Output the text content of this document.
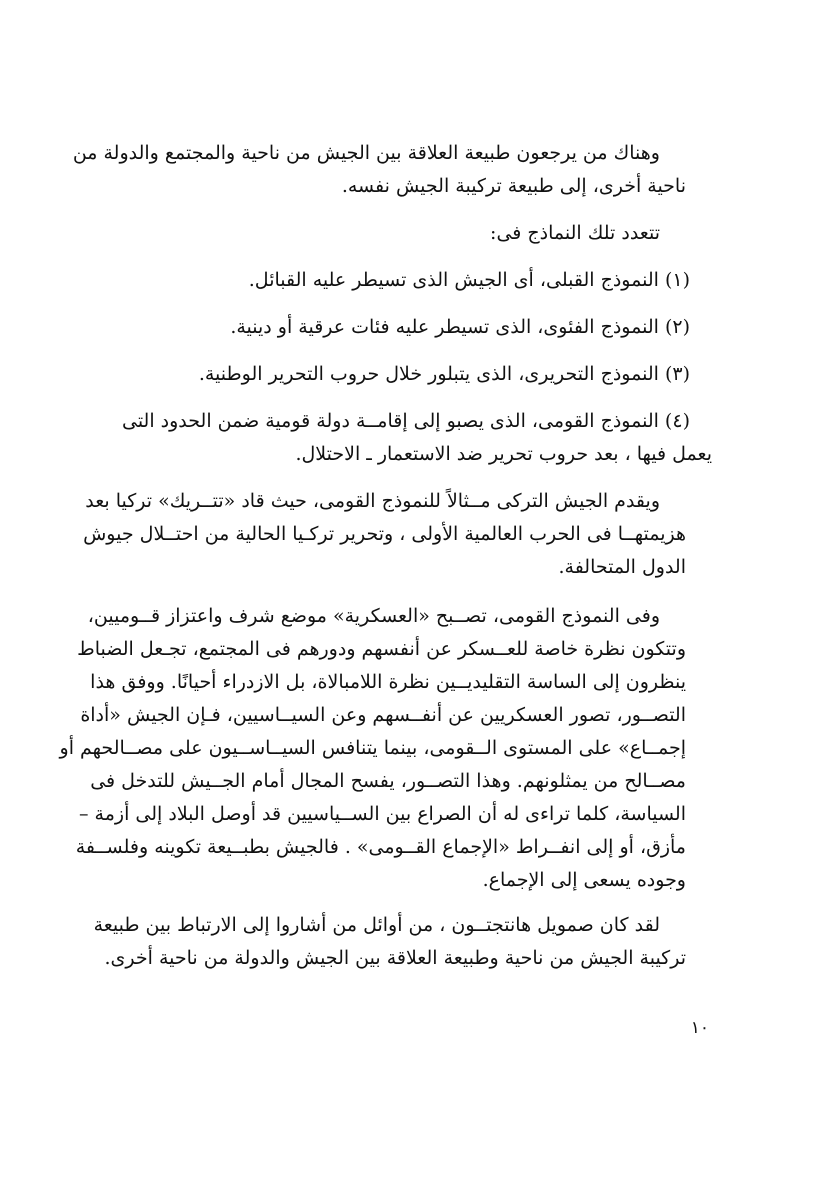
وهناك من يرجعون طبيعة العلاقة بين الجيش من ناحية والمجتمع والدولة من
ناحية أخرى، إلى طبيعة تركيبة الجيش نفسه.
تتعدد تلك النماذج فى:
(١) النموذج القبلى، أى الجيش الذى تسيطر عليه القبائل.
(٢) النموذج الفئوى، الذى تسيطر عليه فئات عرقية أو دينية.
(٣) النموذج التحريرى، الذى يتبلور خلال حروب التحرير الوطنية.
(٤) النموذج القومى، الذى يصبو إلى إقامــة دولة قومية ضمن الحدود التى
يعمل فيها ، بعد حروب تحرير ضد الاستعمار ـ الاحتلال.
ويقدم الجيش التركى مــثالاً للنموذج القومى، حيث قاد «تتــريك» تركيا بعد
هزيمتهــا فى الحرب العالمية الأولى ، وتحرير تركـيا الحالية من احتــلال جيوش
الدول المتحالفة.
وفى النموذج القومى، تصــبح «العسكرية» موضع شرف واعتزاز قــوميين،
وتتكون نظرة خاصة للعــسكر عن أنفسهم ودورهم فى المجتمع، تجـعل الضباط
ينظرون إلى الساسة التقليديــين نظرة اللامبالاة، بل الازدراء أحيانًا. ووفق هذا
التصــور، تصور العسكريين عن أنفــسهم وعن السيــاسيين، فـإن الجيش «أداة
إجمــاع» على المستوى الــقومى، بينما يتنافس السيــاســيون على مصــالحهم أو
مصــالح من يمثلونهم. وهذا التصــور، يفسح المجال أمام الجــيش للتدخل فى
السياسة، كلما تراءى له أن الصراع بين الســياسيين قد أوصل البلاد إلى أزمة –
مأزق، أو إلى انفــراط «الإجماع القــومى» . فالجيش بطبــيعة تكوينه وفلســفة
وجوده يسعى إلى الإجماع.
لقد كان صمويل هانتجتــون ، من أوائل من أشاروا إلى الارتباط بين طبيعة
تركيبة الجيش من ناحية وطبيعة العلاقة بين الجيش والدولة من ناحية أخرى.
١٠
